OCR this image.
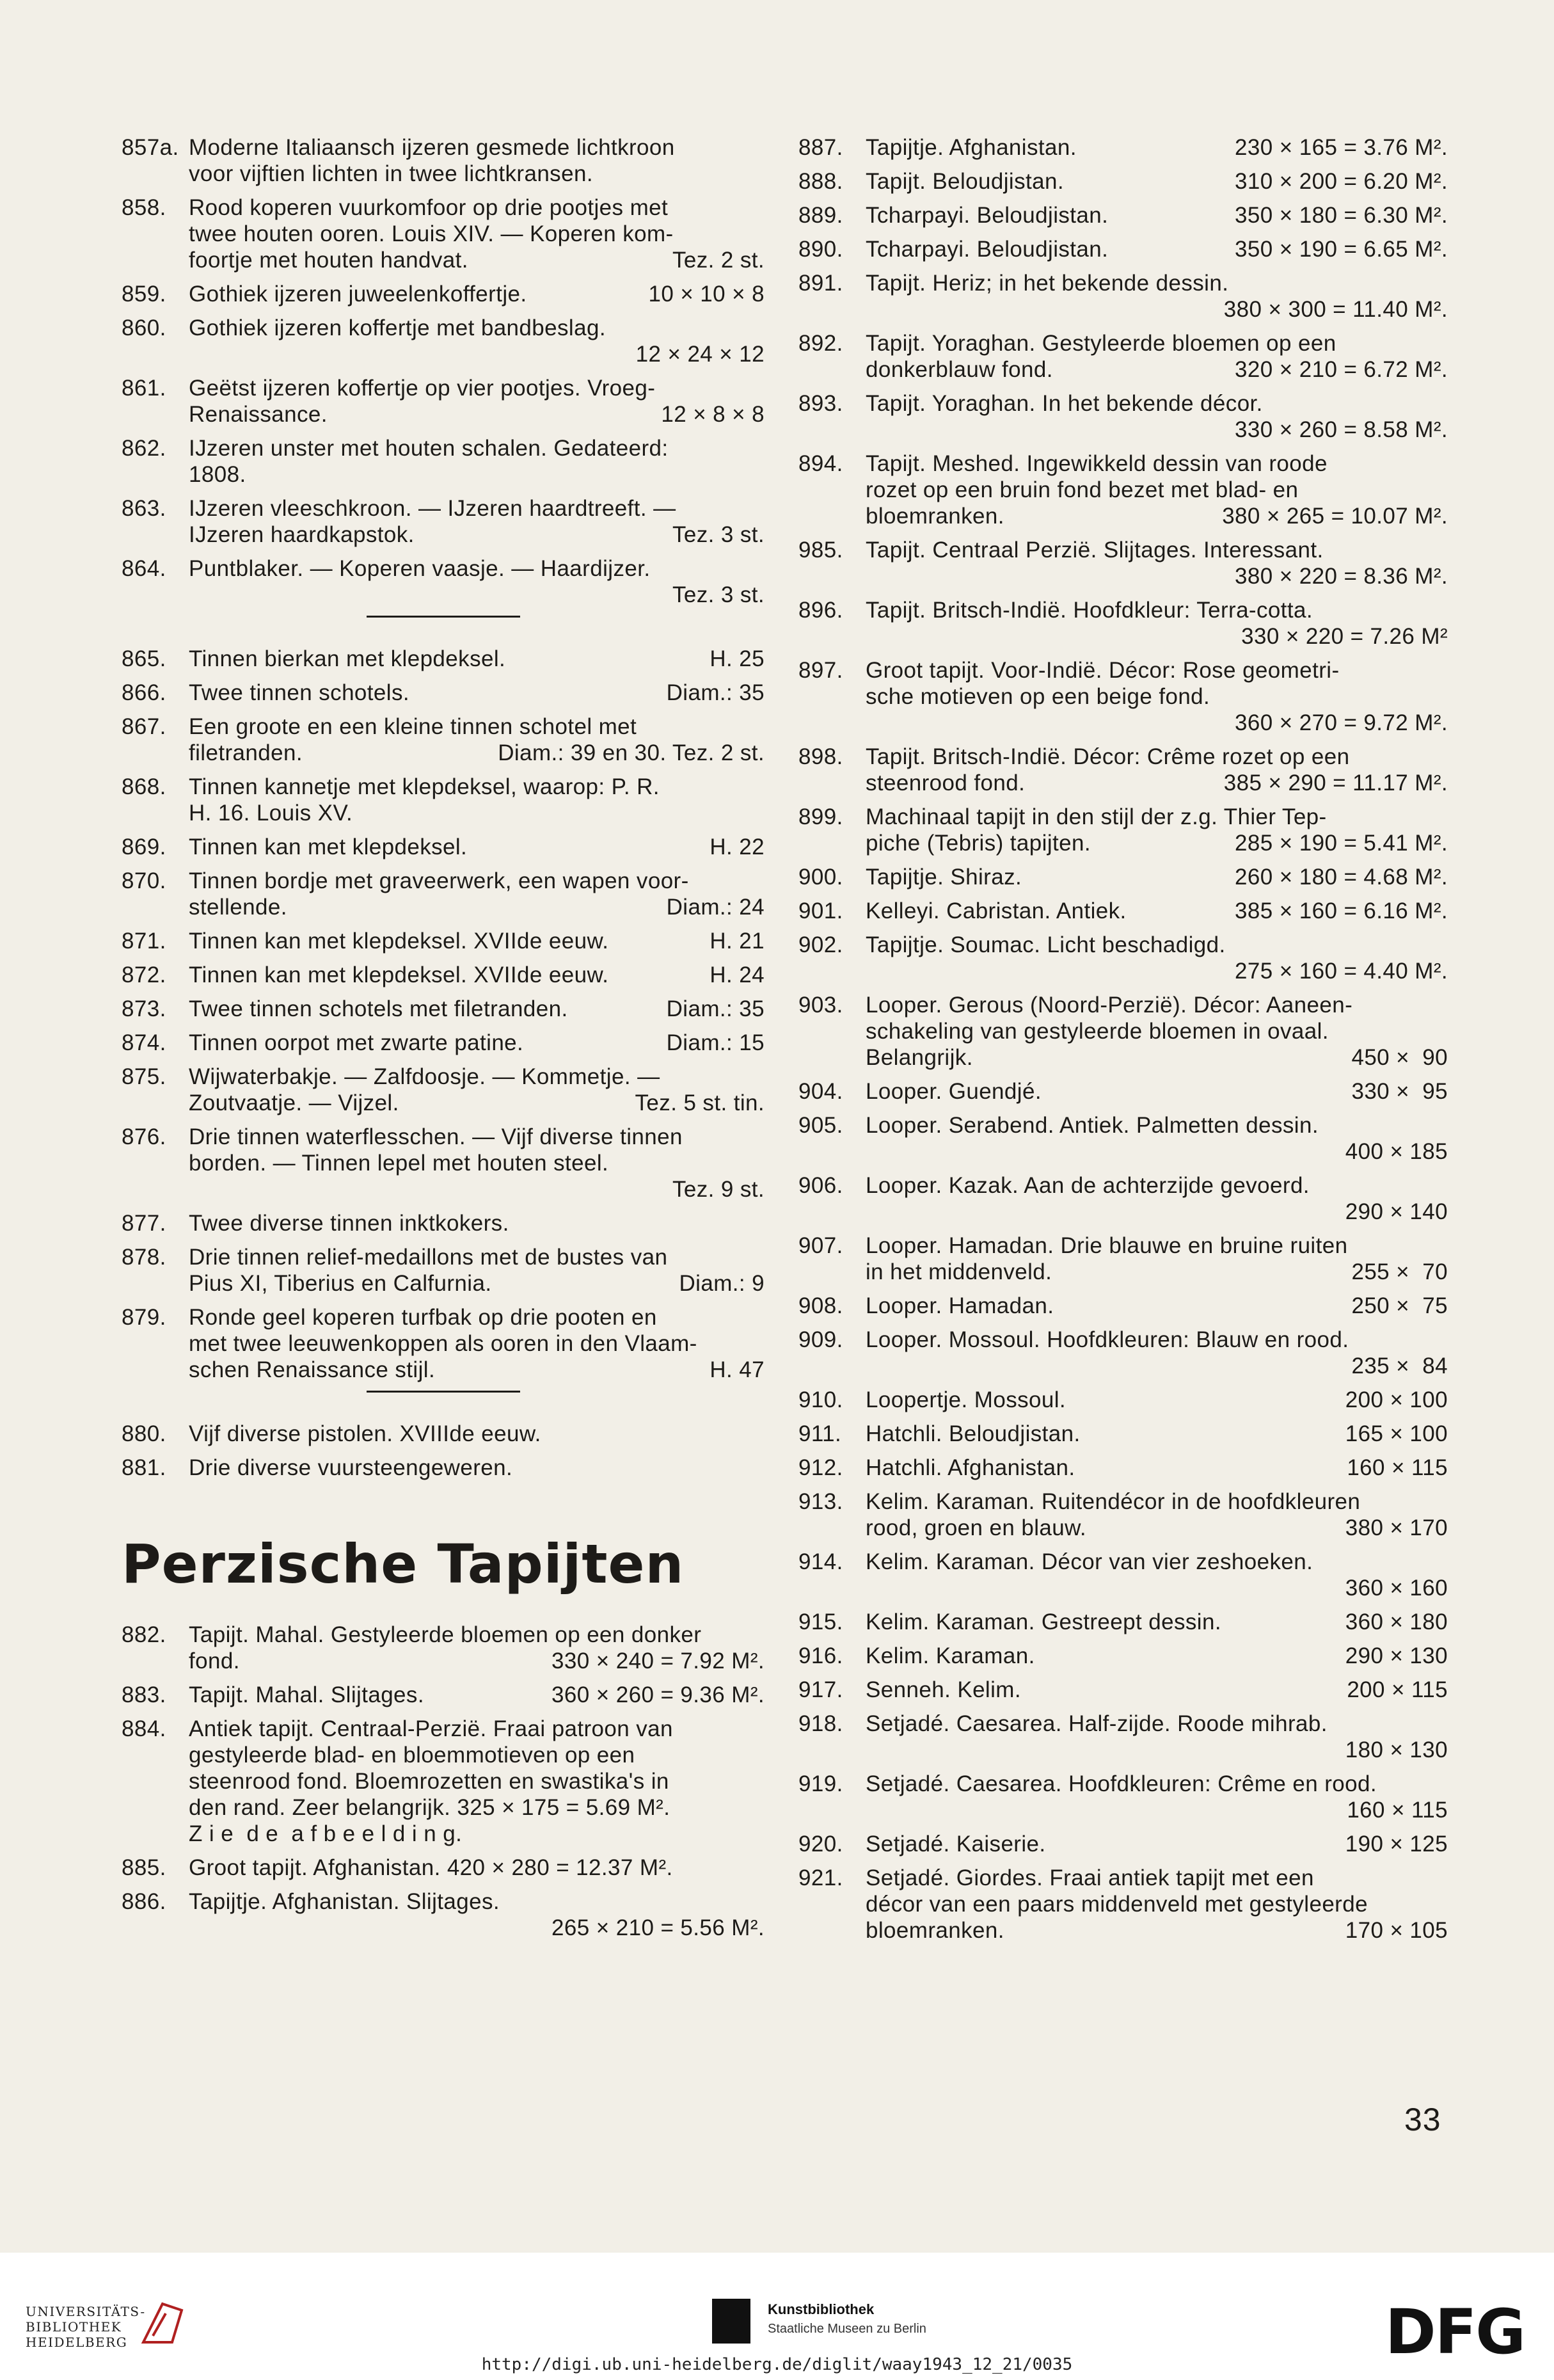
857a. Moderne Italiaansch ijzeren gesmede lichtkroon
voor vijftien lichten in twee lichtkransen.
858.	Rood koperen vuurkomfoor op drie pootjes met
twee houten ooren. Louis XIV. — Koperen kom-
foortje met houten handvat.	Tez. 2 st.
859.	Gothiek ijzeren juweelenkoffertje.	10 × 10 × 8
860.	Gothiek ijzeren koffertje met bandbeslag.
12 × 24 × 12
861.	Geëtst ijzeren koffertje op vier pootjes. Vroeg-
Renaissance.	12 × 8 × 8
862.	IJzeren unster met houten schalen. Gedateerd:
1808.
863.	IJzeren vleeschkroon. — IJzeren haardtreeft. —
IJzeren haardkapstok.	Tez. 3 st.
864.	Puntblaker. — Koperen vaasje. — Haardijzer.
Tez. 3 st.
865.	Tinnen bierkan met klepdeksel.	H. 25
866.	Twee tinnen schotels.	Diam.: 35
867.	Een groote en een kleine tinnen schotel met
filetranden.	Diam.: 39 en 30. Tez. 2 st.
868.	Tinnen kannetje met klepdeksel, waarop: P. R.
H. 16. Louis XV.
869.	Tinnen kan met klepdeksel.	H. 22
870.	Tinnen bordje met graveerwerk, een wapen voor-
stellende.	Diam.: 24
871.	Tinnen kan met klepdeksel. XVIIde eeuw.	H. 21
872.	Tinnen kan met klepdeksel. XVIIde eeuw.	H. 24
873.	Twee tinnen schotels met filetranden.	Diam.: 35
874.	Tinnen oorpot met zwarte patine.	Diam.: 15
875.	Wijwaterbakje. — Zalfdoosje. — Kommetje. —
Zoutvaatje. — Vijzel.	Tez. 5 st. tin.
876.	Drie tinnen waterflesschen. — Vijf diverse tinnen
borden. — Tinnen lepel met houten steel.
Tez. 9 st.
877.	Twee diverse tinnen inktkokers.
878.	Drie tinnen relief-medaillons met de bustes van
Pius XI, Tiberius en Calfurnia.	Diam.: 9
879.	Ronde geel koperen turfbak op drie pooten en
met twee leeuwenkoppen als ooren in den Vlaam-
schen Renaissance stijl.	H. 47
880.	Vijf diverse pistolen. XVIIIde eeuw.
881.	Drie diverse vuursteengeweren.
Perzische Tapijten
882.	Tapijt. Mahal. Gestyleerde bloemen op een donker
fond.	330 × 240 = 7.92 M².
883.	Tapijt. Mahal. Slijtages.	360 × 260 = 9.36 M².
884.	Antiek tapijt. Centraal-Perzië. Fraai patroon van
gestyleerde blad- en bloemmotieven op een
steenrood fond. Bloemrozetten en swastika's in
den rand. Zeer belangrijk. 325 × 175 = 5.69 M².
Z i e  d e  a f b e e l d i n g.
885.	Groot tapijt. Afghanistan. 420 × 280 = 12.37 M².
886.	Tapijtje. Afghanistan. Slijtages.
265 × 210 = 5.56 M².
887.	Tapijtje. Afghanistan.	230 × 165 = 3.76 M².
888.	Tapijt. Beloudjistan.	310 × 200 = 6.20 M².
889.	Tcharpayi. Beloudjistan.	350 × 180 = 6.30 M².
890.	Tcharpayi. Beloudjistan.	350 × 190 = 6.65 M².
891.	Tapijt. Heriz; in het bekende dessin.
380 × 300 = 11.40 M².
892.	Tapijt. Yoraghan. Gestyleerde bloemen op een
donkerblauw fond.	320 × 210 = 6.72 M².
893.	Tapijt. Yoraghan. In het bekende décor.
330 × 260 = 8.58 M².
894.	Tapijt. Meshed. Ingewikkeld dessin van roode
rozet op een bruin fond bezet met blad- en
bloemranken.	380 × 265 = 10.07 M².
985.	Tapijt. Centraal Perzië. Slijtages. Interessant.
380 × 220 = 8.36 M².
896.	Tapijt. Britsch-Indië. Hoofdkleur: Terra-cotta.
330 × 220 = 7.26 M²
897.	Groot tapijt. Voor-Indië. Décor: Rose geometri-
sche motieven op een beige fond.
360 × 270 = 9.72 M².
898.	Tapijt. Britsch-Indië. Décor: Crême rozet op een
steenrood fond.	385 × 290 = 11.17 M².
899.	Machinaal tapijt in den stijl der z.g. Thier Tep-
piche (Tebris) tapijten.	285 × 190 = 5.41 M².
900.	Tapijtje. Shiraz.	260 × 180 = 4.68 M².
901.	Kelleyi. Cabristan. Antiek.	385 × 160 = 6.16 M².
902.	Tapijtje. Soumac. Licht beschadigd.
275 × 160 = 4.40 M².
903.	Looper. Gerous (Noord-Perzië). Décor: Aaneen-
schakeling van gestyleerde bloemen in ovaal.
Belangrijk.	450 ×  90
904.	Looper. Guendjé.	330 ×  95
905.	Looper. Serabend. Antiek. Palmetten dessin.
400 × 185
906.	Looper. Kazak. Aan de achterzijde gevoerd.
290 × 140
907.	Looper. Hamadan. Drie blauwe en bruine ruiten
in het middenveld.	255 ×  70
908.	Looper. Hamadan.	250 ×  75
909.	Looper. Mossoul. Hoofdkleuren: Blauw en rood.
235 ×  84
910.	Loopertje. Mossoul.	200 × 100
911.	Hatchli. Beloudjistan.	165 × 100
912.	Hatchli. Afghanistan.	160 × 115
913.	Kelim. Karaman. Ruitendécor in de hoofdkleuren
rood, groen en blauw.	380 × 170
914.	Kelim. Karaman. Décor van vier zeshoeken.
360 × 160
915.	Kelim. Karaman. Gestreept dessin.	360 × 180
916.	Kelim. Karaman.	290 × 130
917.	Senneh. Kelim.	200 × 115
918.	Setjadé. Caesarea. Half-zijde. Roode mihrab.
180 × 130
919.	Setjadé. Caesarea. Hoofdkleuren: Crême en rood.
160 × 115
920.	Setjadé. Kaiserie.	190 × 125
921.	Setjadé. Giordes. Fraai antiek tapijt met een
décor van een paars middenveld met gestyleerde
bloemranken.	170 × 105
33
UNIVERSITÄTS-
BIBLIOTHEK
HEIDELBERG
Kunstbibliothek
Staatliche Museen zu Berlin	DFG
http://digi.ub.uni-heidelberg.de/diglit/waay1943_12_21/0035
